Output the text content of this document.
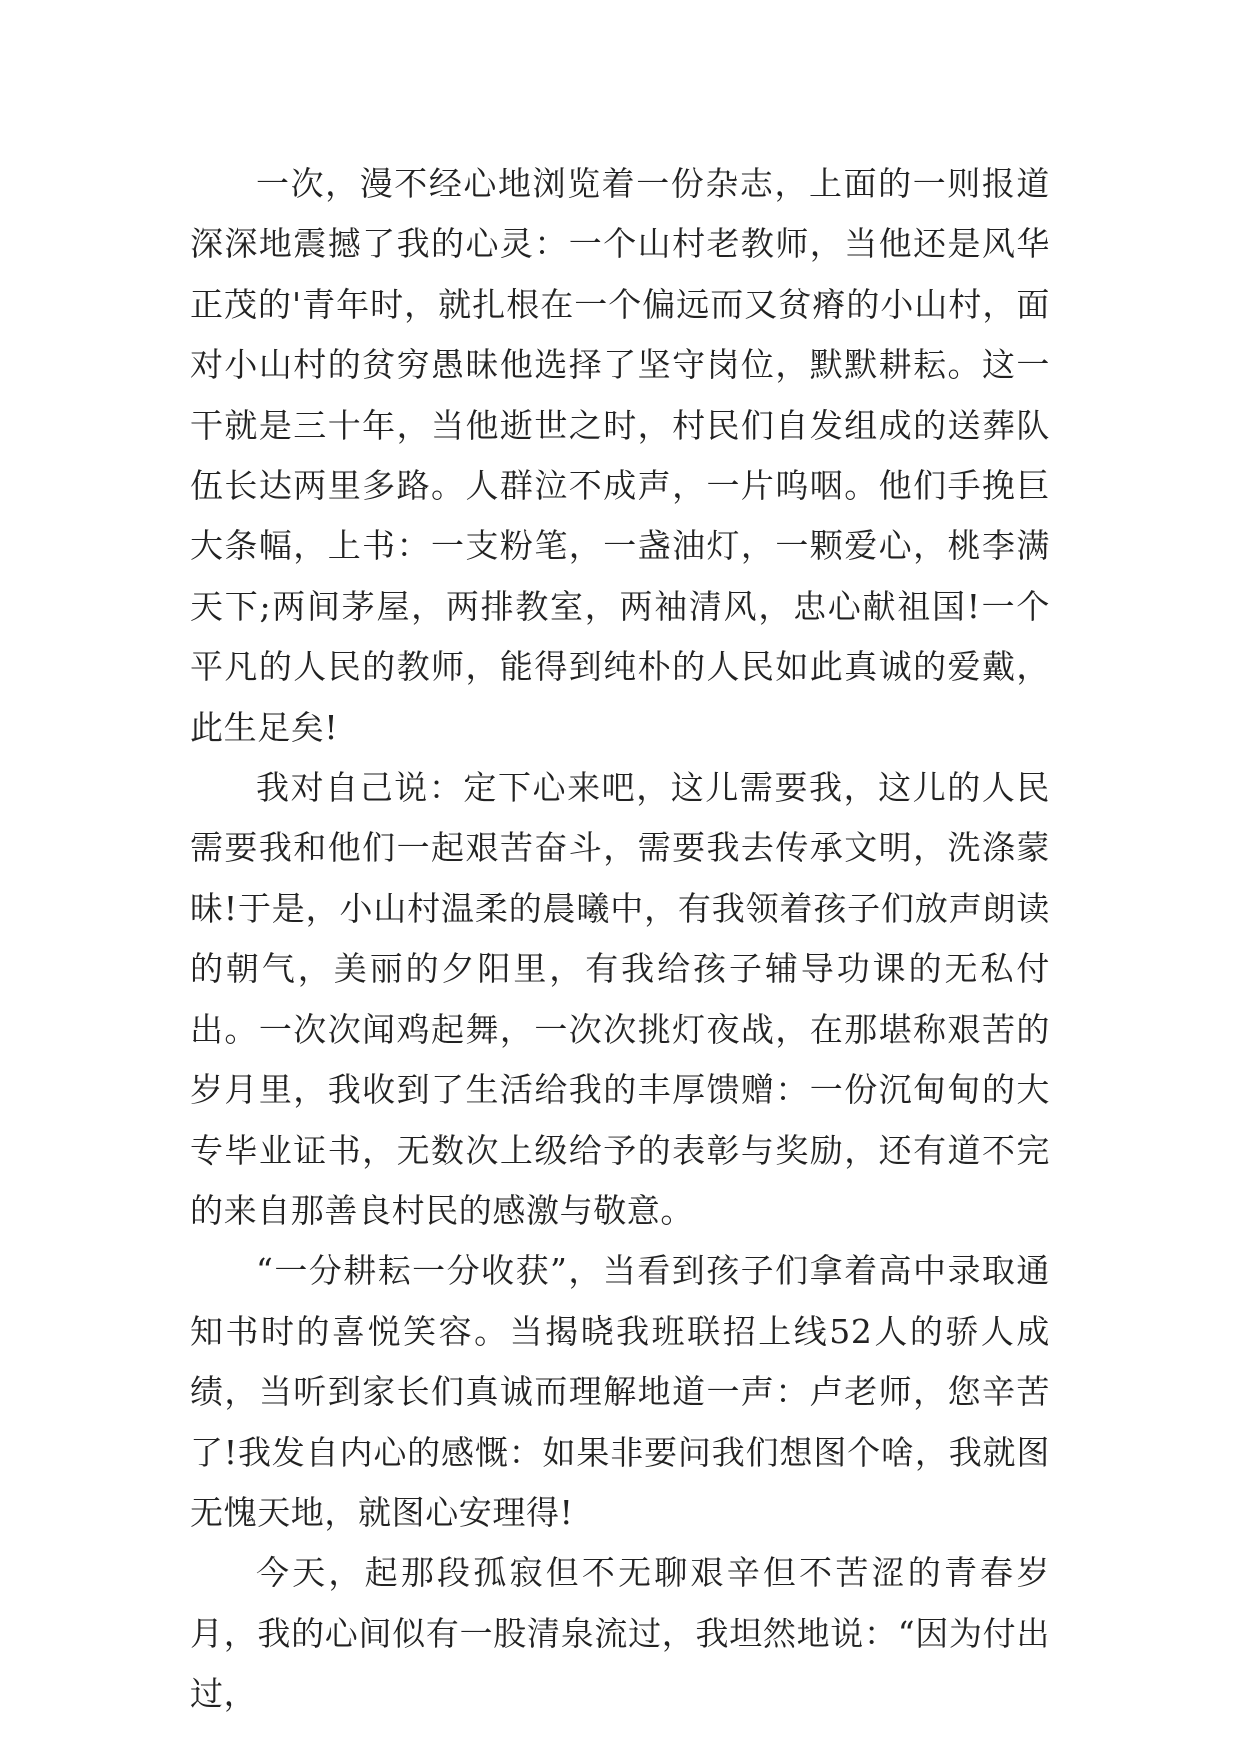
一次，漫不经心地浏览着一份杂志，上面的一则报道深深地震撼了我的心灵：一个山村老教师，当他还是风华正茂的'青年时，就扎根在一个偏远而又贫瘠的小山村，面对小山村的贫穷愚昧他选择了坚守岗位，默默耕耘。这一干就是三十年，当他逝世之时，村民们自发组成的送葬队伍长达两里多路。人群泣不成声，一片呜咽。他们手挽巨大条幅，上书：一支粉笔，一盏油灯，一颗爱心，桃李满天下;两间茅屋，两排教室，两袖清风，忠心献祖国!一个平凡的人民的教师，能得到纯朴的人民如此真诚的爱戴，此生足矣!

我对自己说：定下心来吧，这儿需要我，这儿的人民需要我和他们一起艰苦奋斗，需要我去传承文明，洗涤蒙昧!于是，小山村温柔的晨曦中，有我领着孩子们放声朗读的朝气，美丽的夕阳里，有我给孩子辅导功课的无私付出。一次次闻鸡起舞，一次次挑灯夜战，在那堪称艰苦的岁月里，我收到了生活给我的丰厚馈赠：一份沉甸甸的大专毕业证书，无数次上级给予的表彰与奖励，还有道不完的来自那善良村民的感激与敬意。

“一分耕耘一分收获”，当看到孩子们拿着高中录取通知书时的喜悦笑容。当揭晓我班联招上线52人的骄人成绩，当听到家长们真诚而理解地道一声：卢老师，您辛苦了!我发自内心的感慨：如果非要问我们想图个啥，我就图无愧天地，就图心安理得!

今天，起那段孤寂但不无聊艰辛但不苦涩的青春岁月，我的心间似有一股清泉流过，我坦然地说：“因为付出过，
